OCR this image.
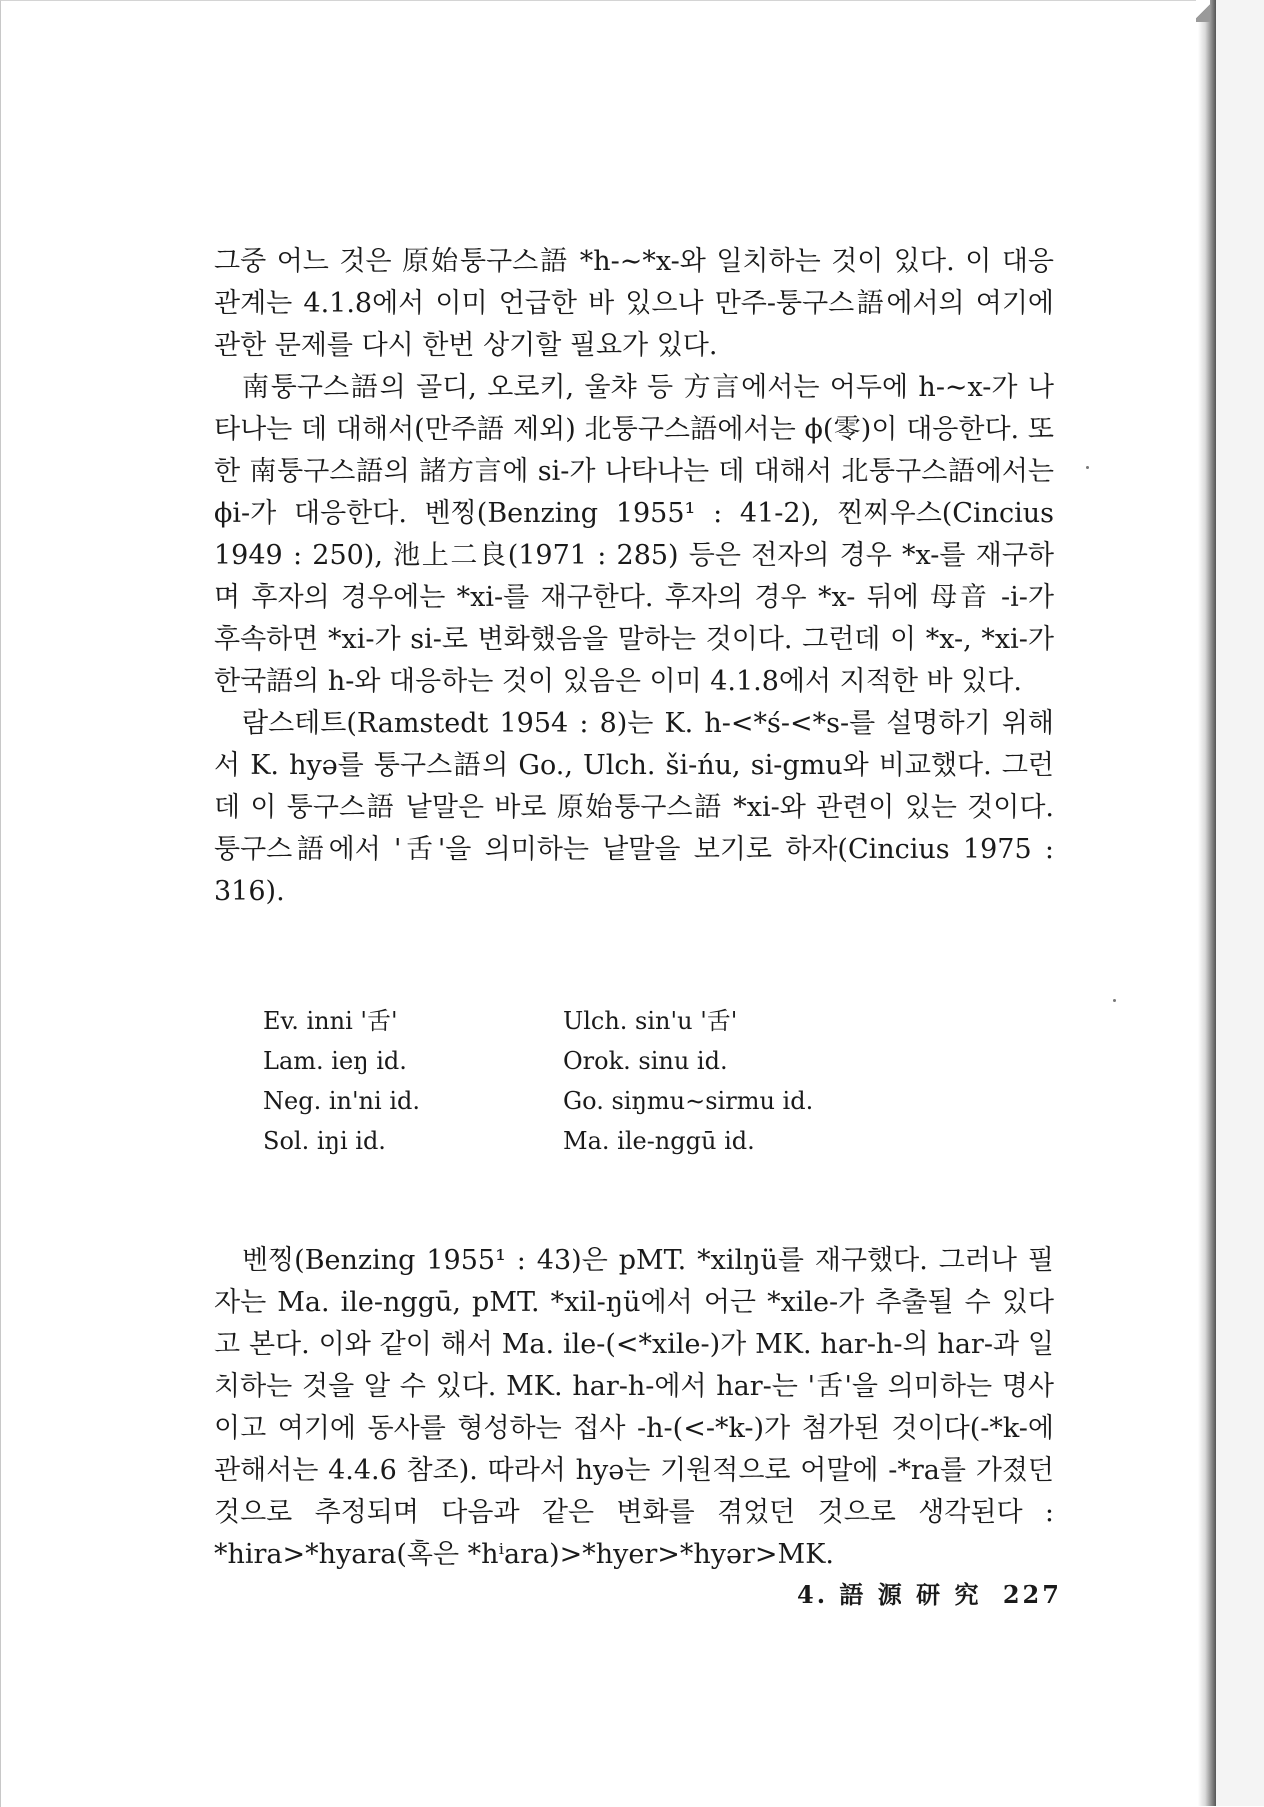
그중 어느 것은 原始퉁구스語 *h-∼*x-와 일치하는 것이 있다. 이 대응관계는 4.1.8에서 이미 언급한 바 있으나 만주-퉁구스語에서의 여기에 관한 문제를 다시 한번 상기할 필요가 있다.

南퉁구스語의 골디, 오로키, 울챠 등 方言에서는 어두에 h-∼x-가 나타나는 데 대해서(만주語 제외) 北퉁구스語에서는 ϕ(零)이 대응한다. 또한 南퉁구스語의 諸方言에 si-가 나타나는 데 대해서 北퉁구스語에서는 ϕi-가 대응한다. 벤찡(Benzing 1955¹ : 41-2), 찐찌우스(Cincius 1949 : 250), 池上二良(1971 : 285) 등은 전자의 경우 *x-를 재구하며 후자의 경우에는 *xi-를 재구한다. 후자의 경우 *x- 뒤에 母音 -i-가 후속하면 *xi-가 si-로 변화했음을 말하는 것이다. 그런데 이 *x-, *xi-가 한국語의 h-와 대응하는 것이 있음은 이미 4.1.8에서 지적한 바 있다.

람스테트(Ramstedt 1954 : 8)는 K. h-<*ś-<*s-를 설명하기 위해서 K. hyə를 퉁구스語의 Go., Ulch. ši-ńu, si-gmu와 비교했다. 그런데 이 퉁구스語 낱말은 바로 原始퉁구스語 *xi-와 관련이 있는 것이다. 퉁구스語에서 '舌'을 의미하는 낱말을 보기로 하자(Cincius 1975 : 316).

Ev. inni '舌'	Ulch. sin'u '舌'
Lam. ieŋ id.	Orok. sinu id.
Neg. in'ni id.	Go. siŋmu∼sirmu id.
Sol. iŋi id.	Ma. ile-nggū id.

벤찡(Benzing 1955¹ : 43)은 pMT. *xilŋü를 재구했다. 그러나 필자는 Ma. ile-nggū, pMT. *xil-ŋü에서 어근 *xile-가 추출될 수 있다고 본다. 이와 같이 해서 Ma. ile-(<*xile-)가 MK. har-h-의 har-과 일치하는 것을 알 수 있다. MK. har-h-에서 har-는 '舌'을 의미하는 명사이고 여기에 동사를 형성하는 접사 -h-(<-*k-)가 첨가된 것이다(-*k-에 관해서는 4.4.6 참조). 따라서 hyə는 기원적으로 어말에 -*ra를 가졌던 것으로 추정되며 다음과 같은 변화를 겪었던 것으로 생각된다 : *hira>*hyara(혹은 *hⁱara)>*hyer>*hyər>MK.

4. 語 源 研 究 227
